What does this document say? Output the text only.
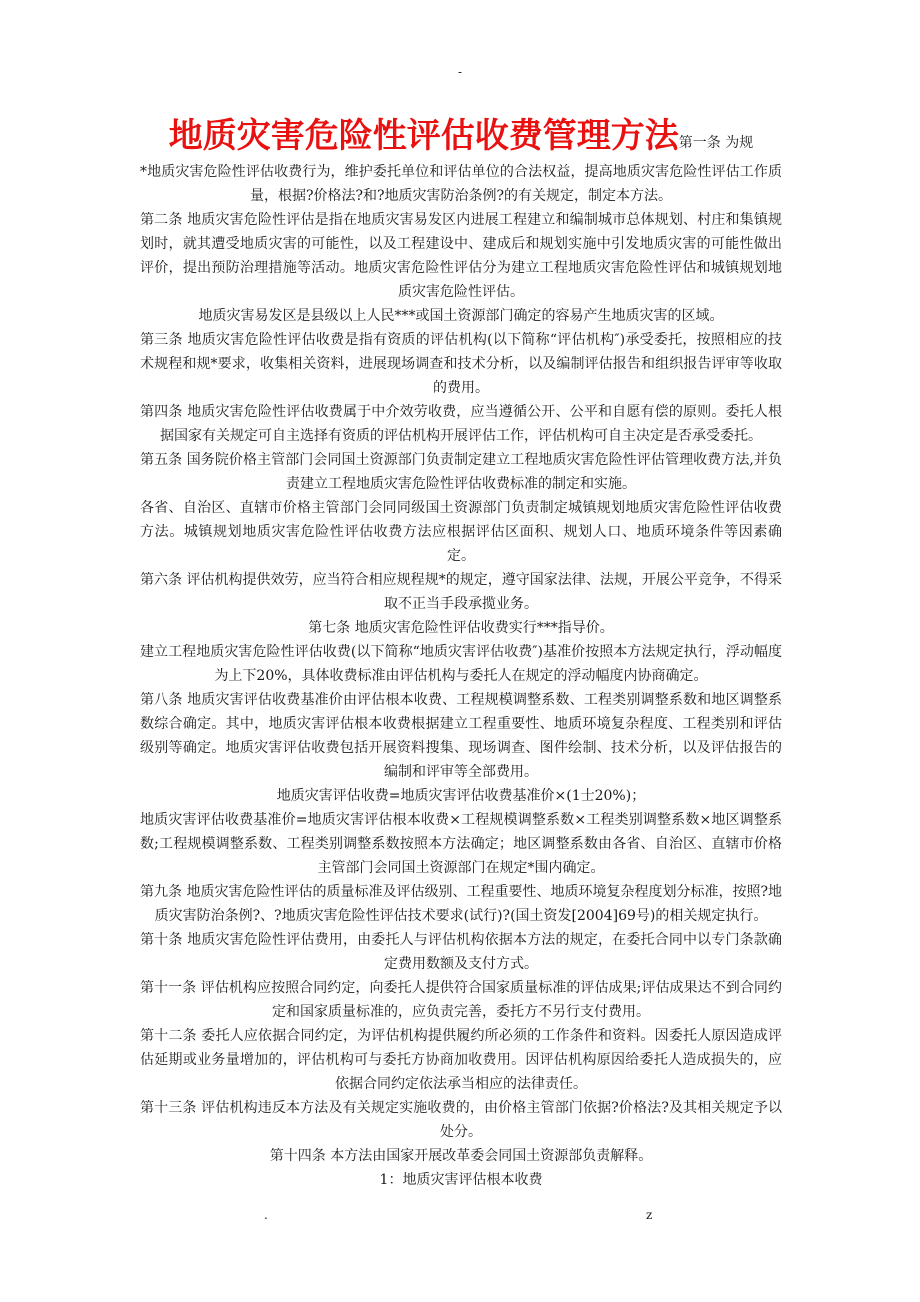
-
地质灾害危险性评估收费管理方法第一条 为规

*地质灾害危险性评估收费行为，维护委托单位和评估单位的合法权益，提高地质灾害危险性评估工作质量，根据?价格法?和?地质灾害防治条例?的有关规定，制定本方法。

第二条 地质灾害危险性评估是指在地质灾害易发区内进展工程建立和编制城市总体规划、村庄和集镇规划时，就其遭受地质灾害的可能性，以及工程建设中、建成后和规划实施中引发地质灾害的可能性做出评价，提出预防治理措施等活动。地质灾害危险性评估分为建立工程地质灾害危险性评估和城镇规划地质灾害危险性评估。

地质灾害易发区是县级以上人民***或国土资源部门确定的容易产生地质灾害的区域。

第三条 地质灾害危险性评估收费是指有资质的评估机构(以下简称“评估机构″)承受委托，按照相应的技术规程和规*要求，收集相关资料，进展现场调查和技术分析，以及编制评估报告和组织报告评审等收取的费用。

第四条 地质灾害危险性评估收费属于中介效劳收费，应当遵循公开、公平和自愿有偿的原则。委托人根据国家有关规定可自主选择有资质的评估机构开展评估工作，评估机构可自主决定是否承受委托。

第五条 国务院价格主管部门会同国土资源部门负责制定建立工程地质灾害危险性评估管理收费方法,并负责建立工程地质灾害危险性评估收费标准的制定和实施。

各省、自治区、直辖市价格主管部门会同同级国土资源部门负责制定城镇规划地质灾害危险性评估收费方法。城镇规划地质灾害危险性评估收费方法应根据评估区面积、规划人口、地质环境条件等因素确定。

第六条 评估机构提供效劳，应当符合相应规程规*的规定，遵守国家法律、法规，开展公平竞争，不得采取不正当手段承揽业务。

第七条 地质灾害危险性评估收费实行***指导价。

建立工程地质灾害危险性评估收费(以下简称“地质灾害评估收费″)基准价按照本方法规定执行，浮动幅度为上下20%，具体收费标准由评估机构与委托人在规定的浮动幅度内协商确定。

第八条 地质灾害评估收费基准价由评估根本收费、工程规模调整系数、工程类别调整系数和地区调整系数综合确定。其中，地质灾害评估根本收费根据建立工程重要性、地质环境复杂程度、工程类别和评估级别等确定。地质灾害评估收费包括开展资料搜集、现场调查、图件绘制、技术分析，以及评估报告的编制和评审等全部费用。

地质灾害评估收费=地质灾害评估收费基准价×(1士20%)；

地质灾害评估收费基准价=地质灾害评估根本收费×工程规模调整系数×工程类别调整系数×地区调整系数;工程规模调整系数、工程类别调整系数按照本方法确定；地区调整系数由各省、自治区、直辖市价格主管部门会同国土资源部门在规定*围内确定。

第九条 地质灾害危险性评估的质量标准及评估级别、工程重要性、地质环境复杂程度划分标准，按照?地质灾害防治条例?、?地质灾害危险性评估技术要求(试行)?(国土资发[2004]69号)的相关规定执行。

第十条 地质灾害危险性评估费用，由委托人与评估机构依据本方法的规定，在委托合同中以专门条款确定费用数额及支付方式。

第十一条 评估机构应按照合同约定，向委托人提供符合国家质量标准的评估成果;评估成果达不到合同约定和国家质量标准的，应负责完善，委托方不另行支付费用。

第十二条 委托人应依据合同约定，为评估机构提供履约所必须的工作条件和资料。因委托人原因造成评估延期或业务量增加的，评估机构可与委托方协商加收费用。因评估机构原因给委托人造成损失的，应依据合同约定依法承当相应的法律责任。

第十三条 评估机构违反本方法及有关规定实施收费的，由价格主管部门依据?价格法?及其相关规定予以处分。

第十四条 本方法由国家开展改革委会同国土资源部负责解释。

1：地质灾害评估根本收费

.	z
